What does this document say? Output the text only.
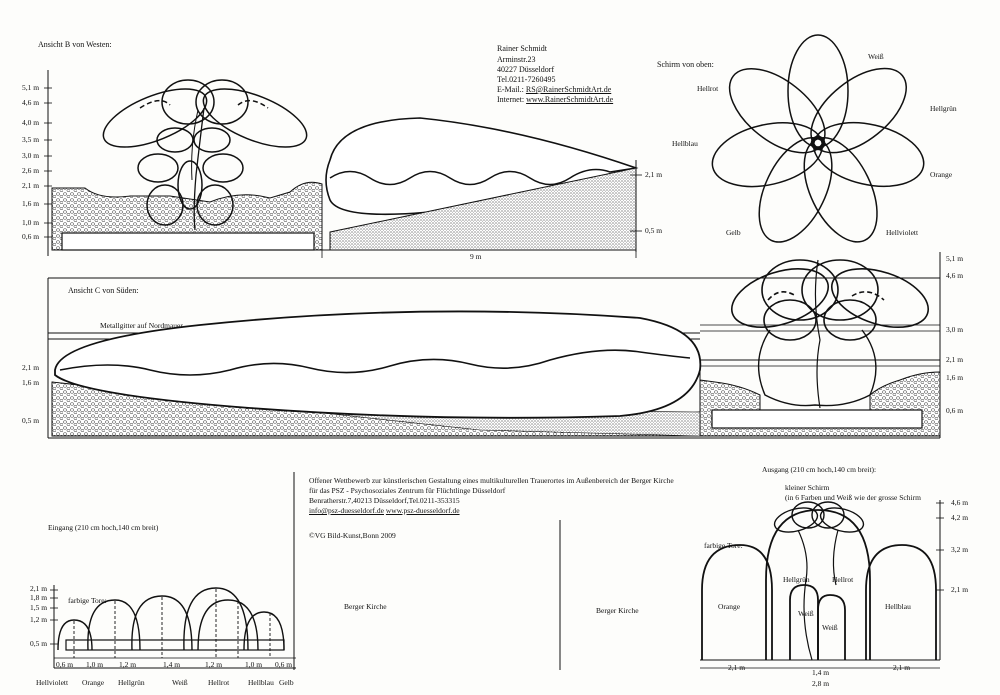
Ansicht B von Westen:
Ansicht C von Süden:
5,1 m
4,6 m
4,0 m
3,5 m
3,0 m
2,6 m
2,1 m
1,6 m
1,0 m
0,6 m
2,1 m
0,5 m
9 m
Rainer Schmidt
Arminstr.23
40227 Düsseldorf
Tel.0211-7260495
E-Mail.: RS@RainerSchmidtArt.de
Internet: www.RainerSchmidtArt.de
Schirm von oben:
Weiß
Hellrot
Hellgrün
Hellblau
Orange
Gelb	Hellviolett
Metallgitter auf Nordmauer
2,1 m
1,6 m
0,5 m
5,1 m
4,6 m
3,0 m
2,1 m
1,6 m
0,6 m
Offener Wettbewerb zur künstlerischen Gestaltung eines multikulturellen Trauerortes im Außenbereich der Berger Kirche
für das PSZ - Psychosoziales Zentrum für Flüchtlinge Düsseldorf
Benratherstr.7,40213 Düsseldorf,Tel.0211-353315
info@psz-duesseldorf.de www.psz-duesseldorf.de
©VG Bild-Kunst,Bonn 2009
Eingang (210 cm hoch,140 cm breit)
farbige Tore:
2,1 m
1,8 m
1,5 m
1,2 m
0,5 m
0,6 m 1,0 m 1,2 m	1,4 m	1,2 m	1,0 m 0,6 m
Hellviolett Orange Hellgrün	Weiß	Hellrot	Hellblau Gelb
Berger Kirche
Ausgang (210 cm hoch,140 cm breit):
kleiner Schirm
(in 6 Farben und Weiß wie der grosse Schirm
farbige Tore:
4,6 m
4,2 m
3,2 m
2,1 m
Orange
Hellgrün	Hellrot
Weiß
Weiß
Hellblau
2,1 m
1,4 m
2,8 m
2,1 m
Berger Kirche
